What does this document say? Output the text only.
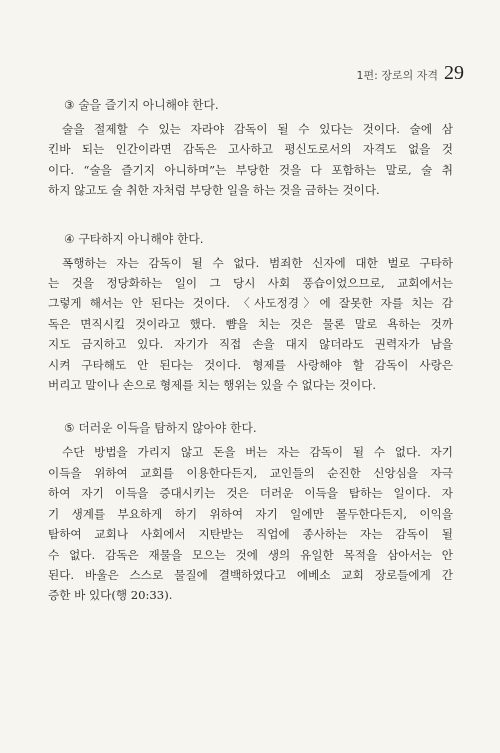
1편: 장로의 자격 29
③ 술을 즐기지 아니해야 한다.
술을 절제할 수 있는 자라야 감독이 될 수 있다는 것이다. 술에 삼
킨바 되는 인간이라면 감독은 고사하고 평신도로서의 자격도 없을 것
이다. “술을 즐기지 아니하며”는 부당한 것을 다 포함하는 말로, 술 취
하지 않고도 술 취한 자처럼 부당한 일을 하는 것을 금하는 것이다.
④ 구타하지 아니해야 한다.
폭행하는 자는 감독이 될 수 없다. 범죄한 신자에 대한 벌로 구타하
는 것을 정당화하는 일이 그 당시 사회 풍습이었으므로, 교회에서는
그렇게 해서는 안 된다는 것이다. 〈사도정경〉에 잘못한 자를 치는 감
독은 면직시킬 것이라고 했다. 뺨을 치는 것은 물론 말로 욕하는 것까
지도 금지하고 있다. 자기가 직접 손을 대지 않더라도 권력자가 남을
시켜 구타해도 안 된다는 것이다. 형제를 사랑해야 할 감독이 사랑은
버리고 말이나 손으로 형제를 치는 행위는 있을 수 없다는 것이다.
⑤ 더러운 이득을 탐하지 않아야 한다.
수단 방법을 가리지 않고 돈을 버는 자는 감독이 될 수 없다. 자기
이득을 위하여 교회를 이용한다든지, 교인들의 순진한 신앙심을 자극
하여 자기 이득을 증대시키는 것은 더러운 이득을 탐하는 일이다. 자
기 생계를 부요하게 하기 위하여 자기 일에만 몰두한다든지, 이익을
탐하여 교회나 사회에서 지탄받는 직업에 종사하는 자는 감독이 될
수 없다. 감독은 재물을 모으는 것에 생의 유일한 목적을 삼아서는 안
된다. 바울은 스스로 물질에 결백하였다고 에베소 교회 장로들에게 간
증한 바 있다(행 20:33).
